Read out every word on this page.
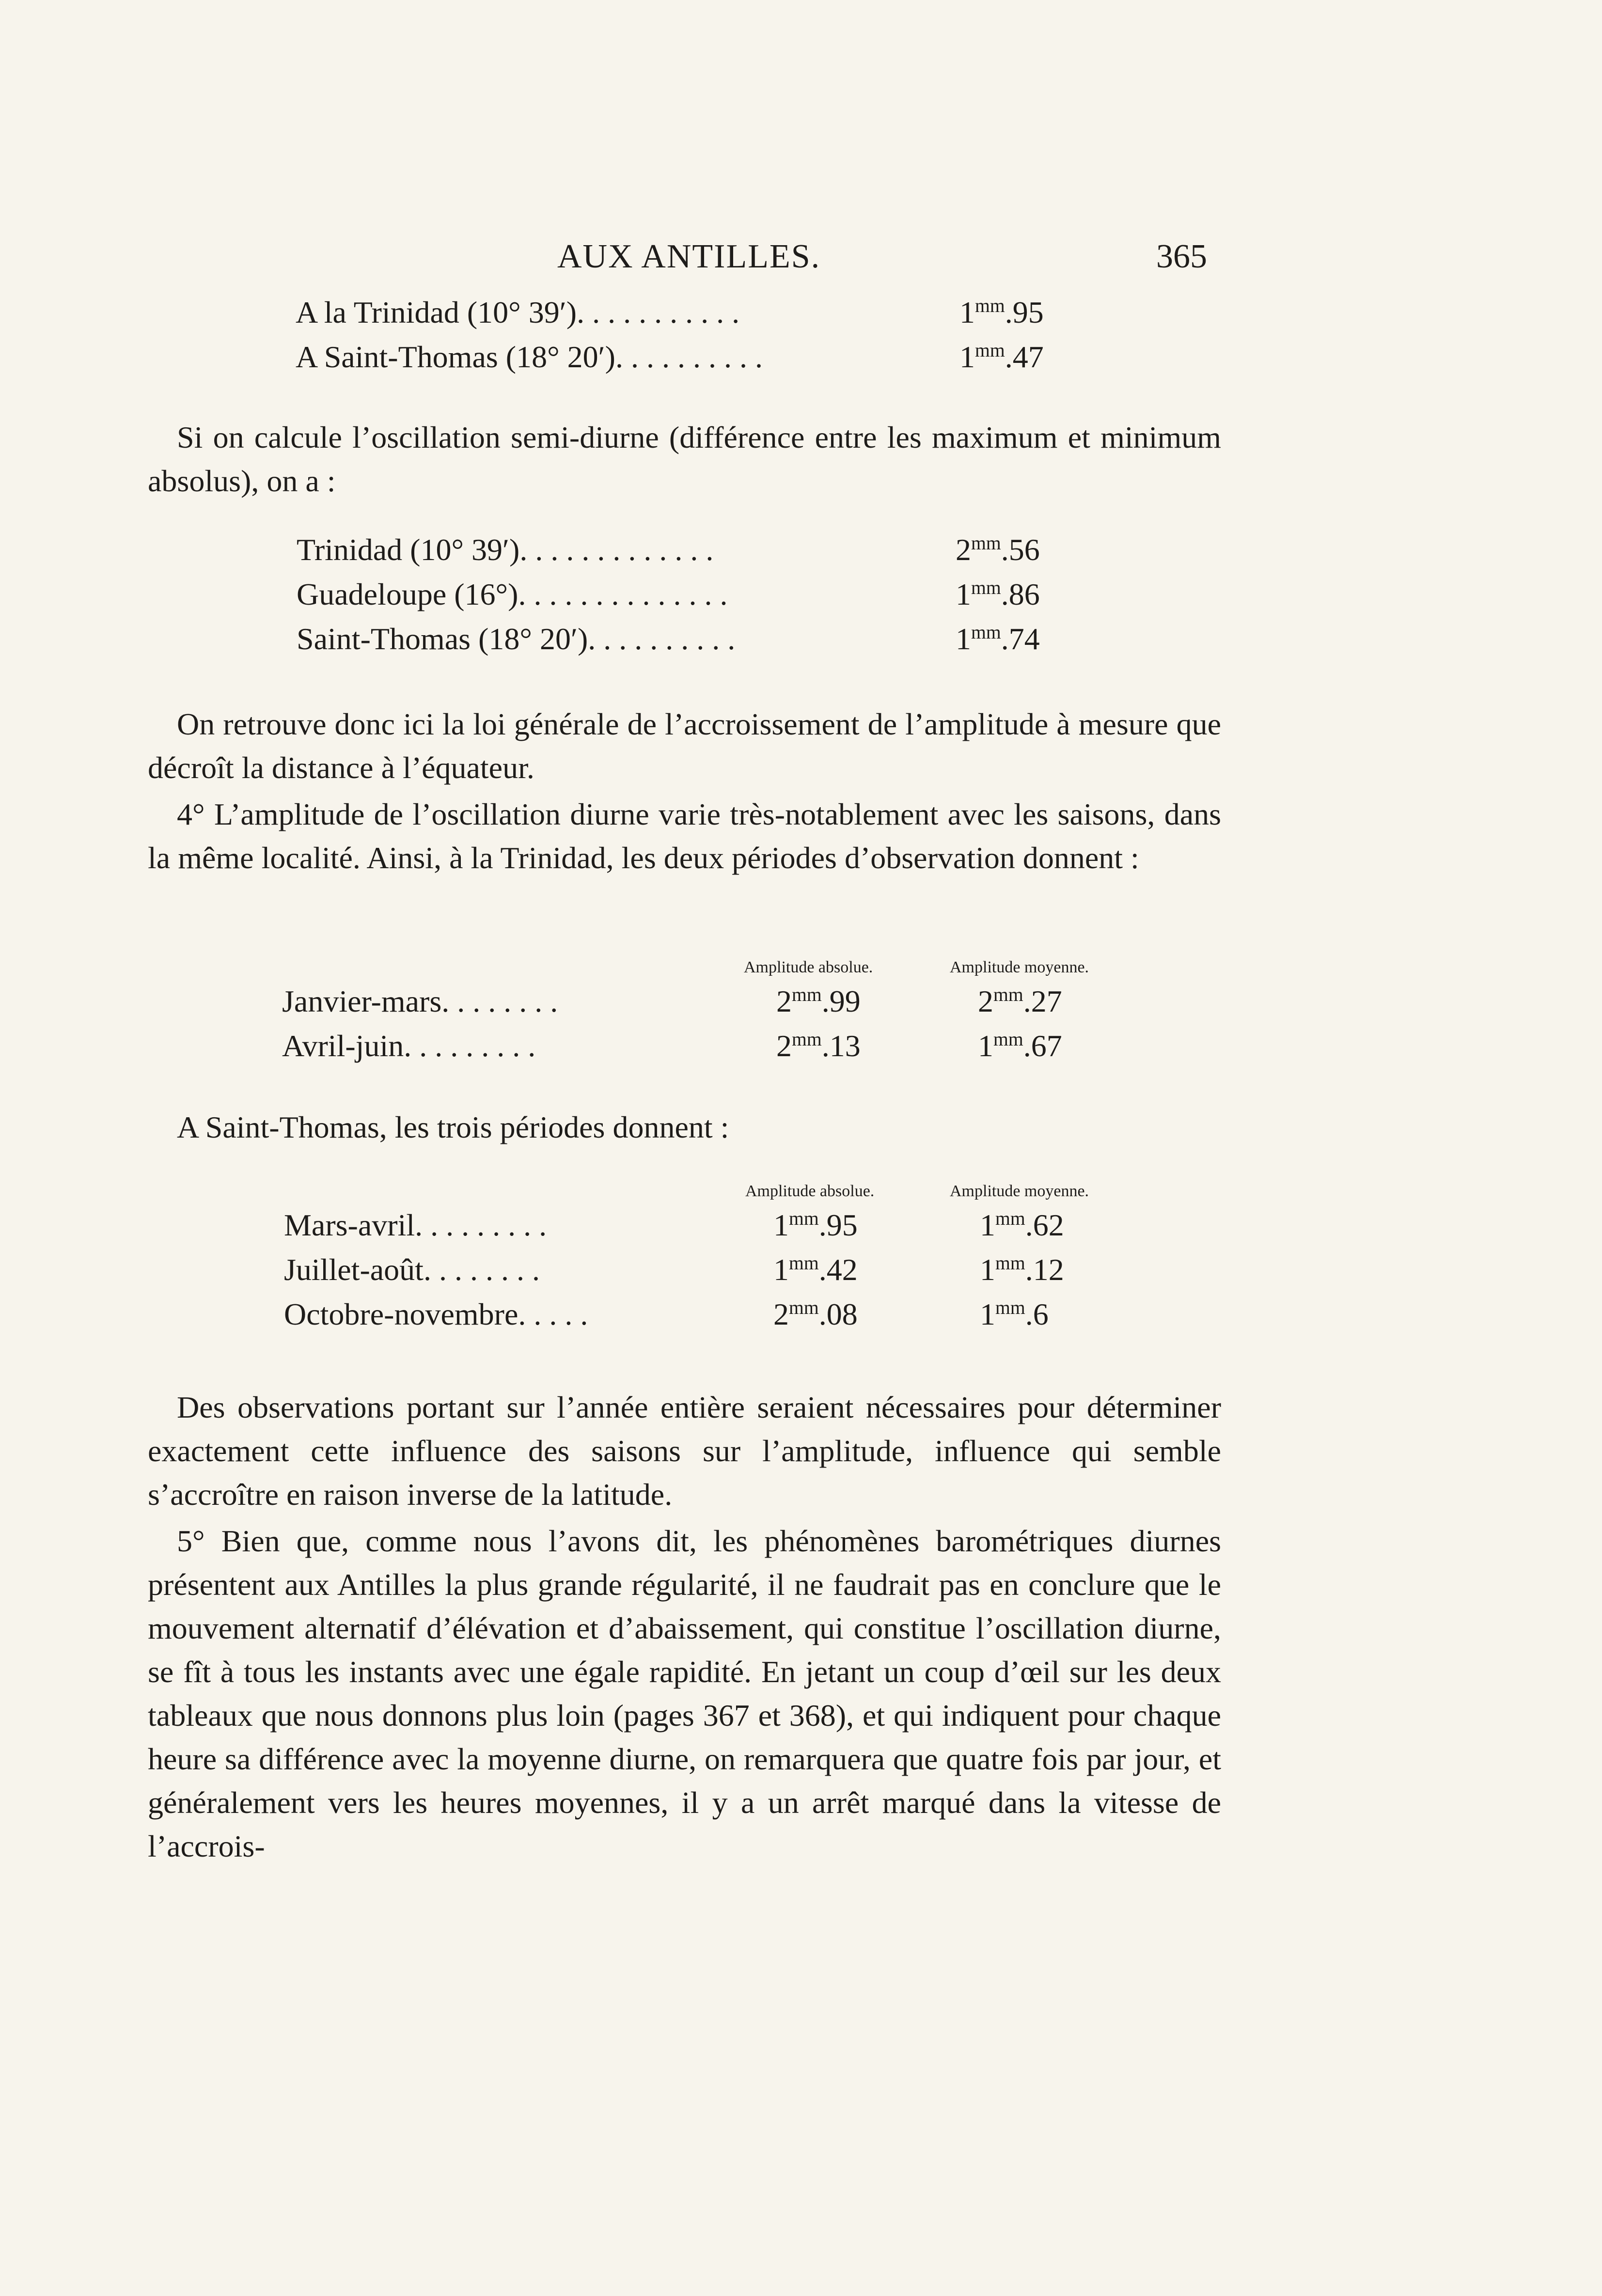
AUX ANTILLES.	365
A la Trinidad (10° 39′). . . . . . . . . . .	$1^{mm}.95$
A Saint-Thomas (18° 20′). . . . . . . . . .	$1^{mm}.47$
Si on calcule l’oscillation semi-diurne (différence entre les maximum et minimum absolus), on a :
Trinidad (10° 39′). . . . . . . . . . . . .	$2^{mm}.56$
Guadeloupe (16°). . . . . . . . . . . . . .	$1^{mm}.86$
Saint-Thomas (18° 20′). . . . . . . . . .	$1^{mm}.74$
On retrouve donc ici la loi générale de l’accroissement de l’amplitude à mesure que décroît la distance à l’équateur.
4° L’amplitude de l’oscillation diurne varie très-notablement avec les saisons, dans la même localité. Ainsi, à la Trinidad, les deux périodes d’observation donnent :
Amplitude absolue.	Amplitude moyenne.
Janvier-mars. . . . . . . .	$2^{mm}.99$	$2^{mm}.27$
Avril-juin. . . . . . . . .	$2^{mm}.13$	$1^{mm}.67$
A Saint-Thomas, les trois périodes donnent :
Amplitude absolue.	Amplitude moyenne.
Mars-avril. . . . . . . . .	$1^{mm}.95$	$1^{mm}.62$
Juillet-août. . . . . . . .	$1^{mm}.42$	$1^{mm}.12$
Octobre-novembre. . . . .	$2^{mm}.08$	$1^{mm}.6$
Des observations portant sur l’année entière seraient nécessaires pour déterminer exactement cette influence des saisons sur l’amplitude, influence qui semble s’accroître en raison inverse de la latitude.
5° Bien que, comme nous l’avons dit, les phénomènes barométriques diurnes présentent aux Antilles la plus grande régularité, il ne faudrait pas en conclure que le mouvement alternatif d’élévation et d’abaissement, qui constitue l’oscillation diurne, se fît à tous les instants avec une égale rapidité. En jetant un coup d’œil sur les deux tableaux que nous donnons plus loin (pages 367 et 368), et qui indiquent pour chaque heure sa différence avec la moyenne diurne, on remarquera que quatre fois par jour, et généralement vers les heures moyennes, il y a un arrêt marqué dans la vitesse de l’accrois-
